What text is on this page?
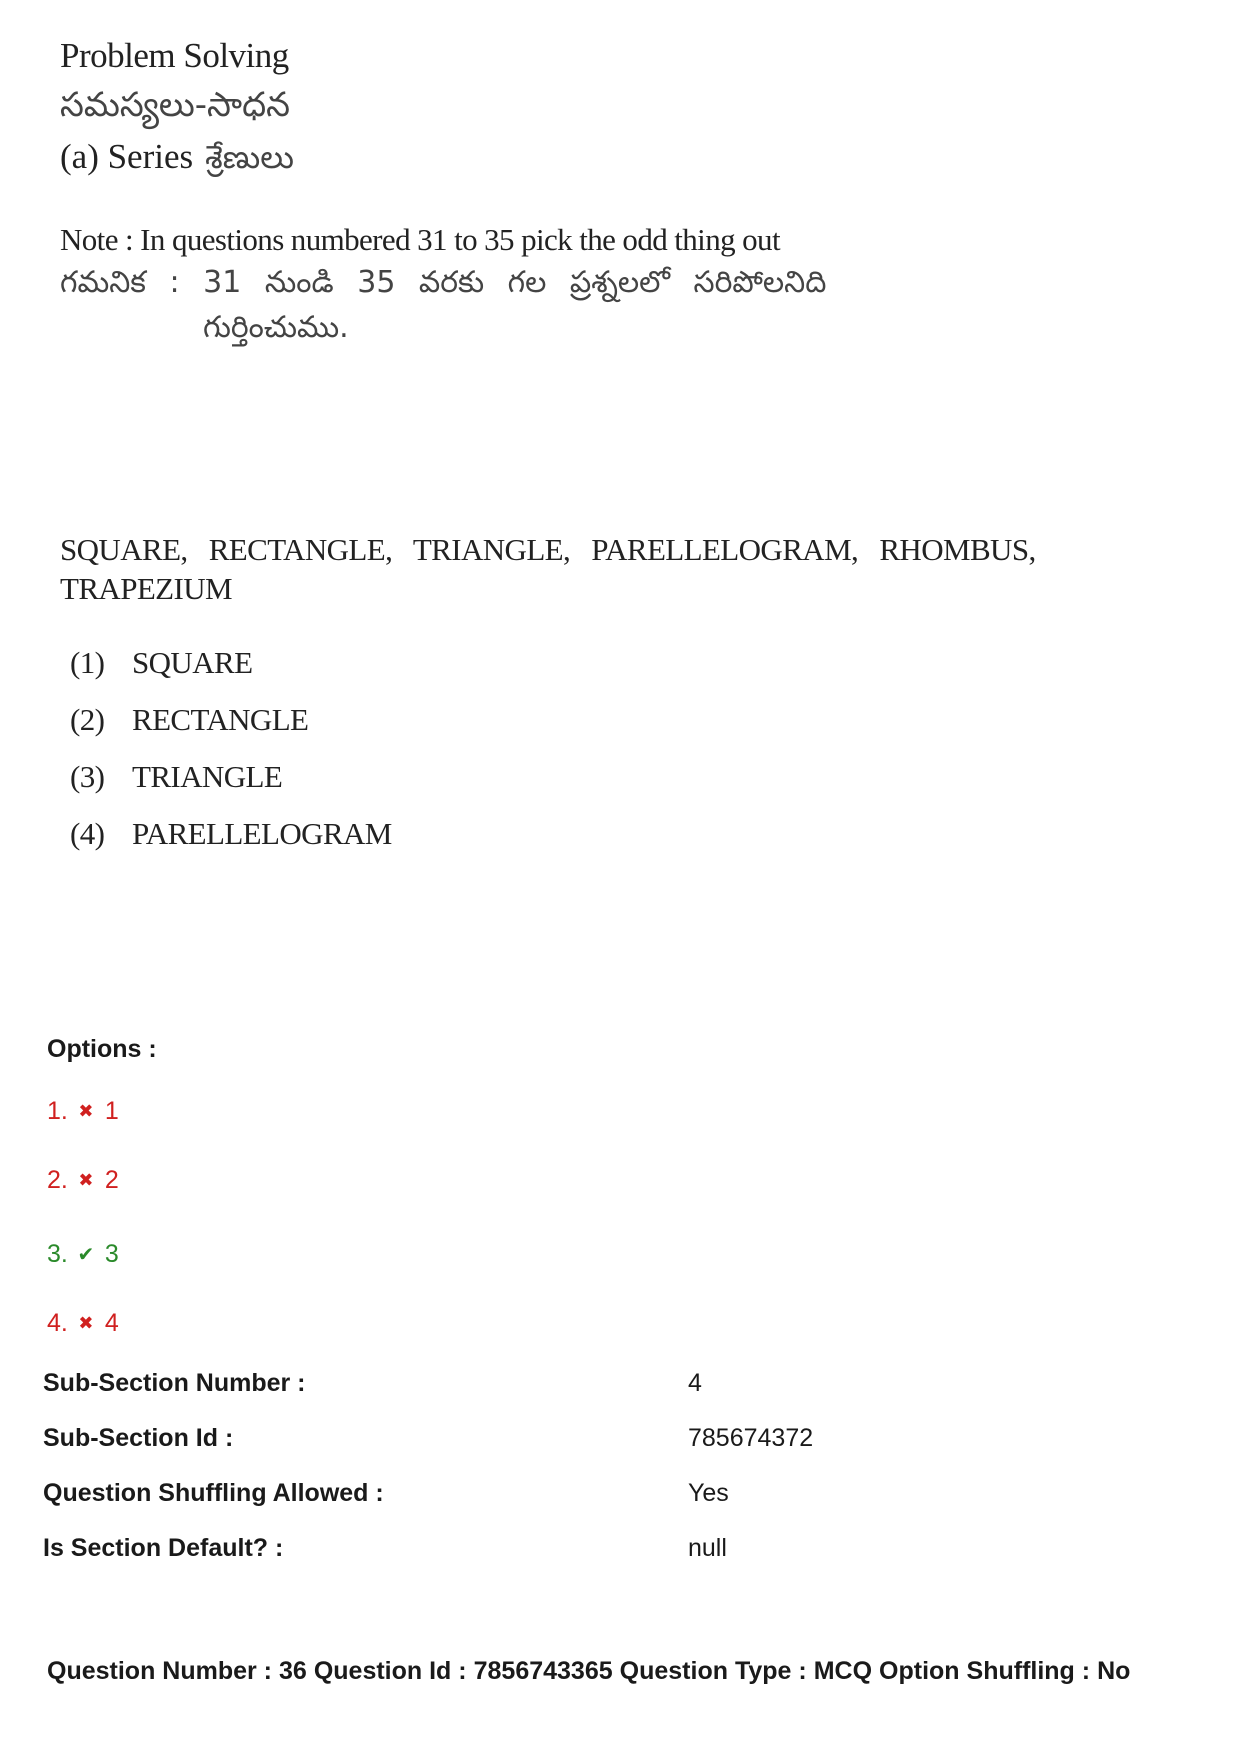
Problem Solving
సమస్యలు-సాధన
(a) Series శ్రేణులు
Note : In questions numbered 31 to 35 pick the odd thing out
గమనిక : 31 నుండి 35 వరకు గల ప్రశ్నలలో సరిపోలనిది
గుర్తించుము.
SQUARE, RECTANGLE, TRIANGLE, PARELLELOGRAM, RHOMBUS,
TRAPEZIUM
(1) SQUARE
(2) RECTANGLE
(3) TRIANGLE
(4) PARELLELOGRAM
Options :
1. ✖ 1
2. ✖ 2
3. ✔ 3
4. ✖ 4
Sub-Section Number :	4
Sub-Section Id :	785674372
Question Shuffling Allowed :	Yes
Is Section Default? :	null
Question Number : 36 Question Id : 7856743365 Question Type : MCQ Option Shuffling : No
